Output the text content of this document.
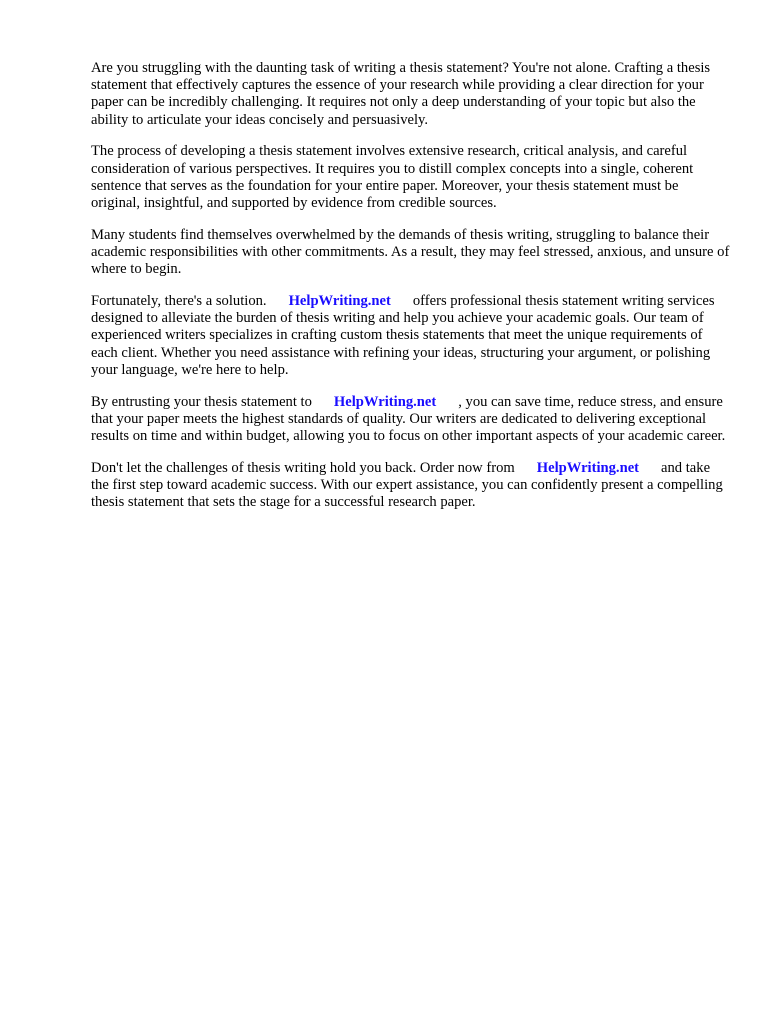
Are you struggling with the daunting task of writing a thesis statement? You're not alone. Crafting a thesis statement that effectively captures the essence of your research while providing a clear direction for your paper can be incredibly challenging. It requires not only a deep understanding of your topic but also the ability to articulate your ideas concisely and persuasively.

The process of developing a thesis statement involves extensive research, critical analysis, and careful consideration of various perspectives. It requires you to distill complex concepts into a single, coherent sentence that serves as the foundation for your entire paper. Moreover, your thesis statement must be original, insightful, and supported by evidence from credible sources.

Many students find themselves overwhelmed by the demands of thesis writing, struggling to balance their academic responsibilities with other commitments. As a result, they may feel stressed, anxious, and unsure of where to begin.

Fortunately, there's a solution. HelpWriting.net offers professional thesis statement writing services designed to alleviate the burden of thesis writing and help you achieve your academic goals. Our team of experienced writers specializes in crafting custom thesis statements that meet the unique requirements of each client. Whether you need assistance with refining your ideas, structuring your argument, or polishing your language, we're here to help.

By entrusting your thesis statement to HelpWriting.net , you can save time, reduce stress, and ensure that your paper meets the highest standards of quality. Our writers are dedicated to delivering exceptional results on time and within budget, allowing you to focus on other important aspects of your academic career.

Don't let the challenges of thesis writing hold you back. Order now from HelpWriting.net and take the first step toward academic success. With our expert assistance, you can confidently present a compelling thesis statement that sets the stage for a successful research paper.
